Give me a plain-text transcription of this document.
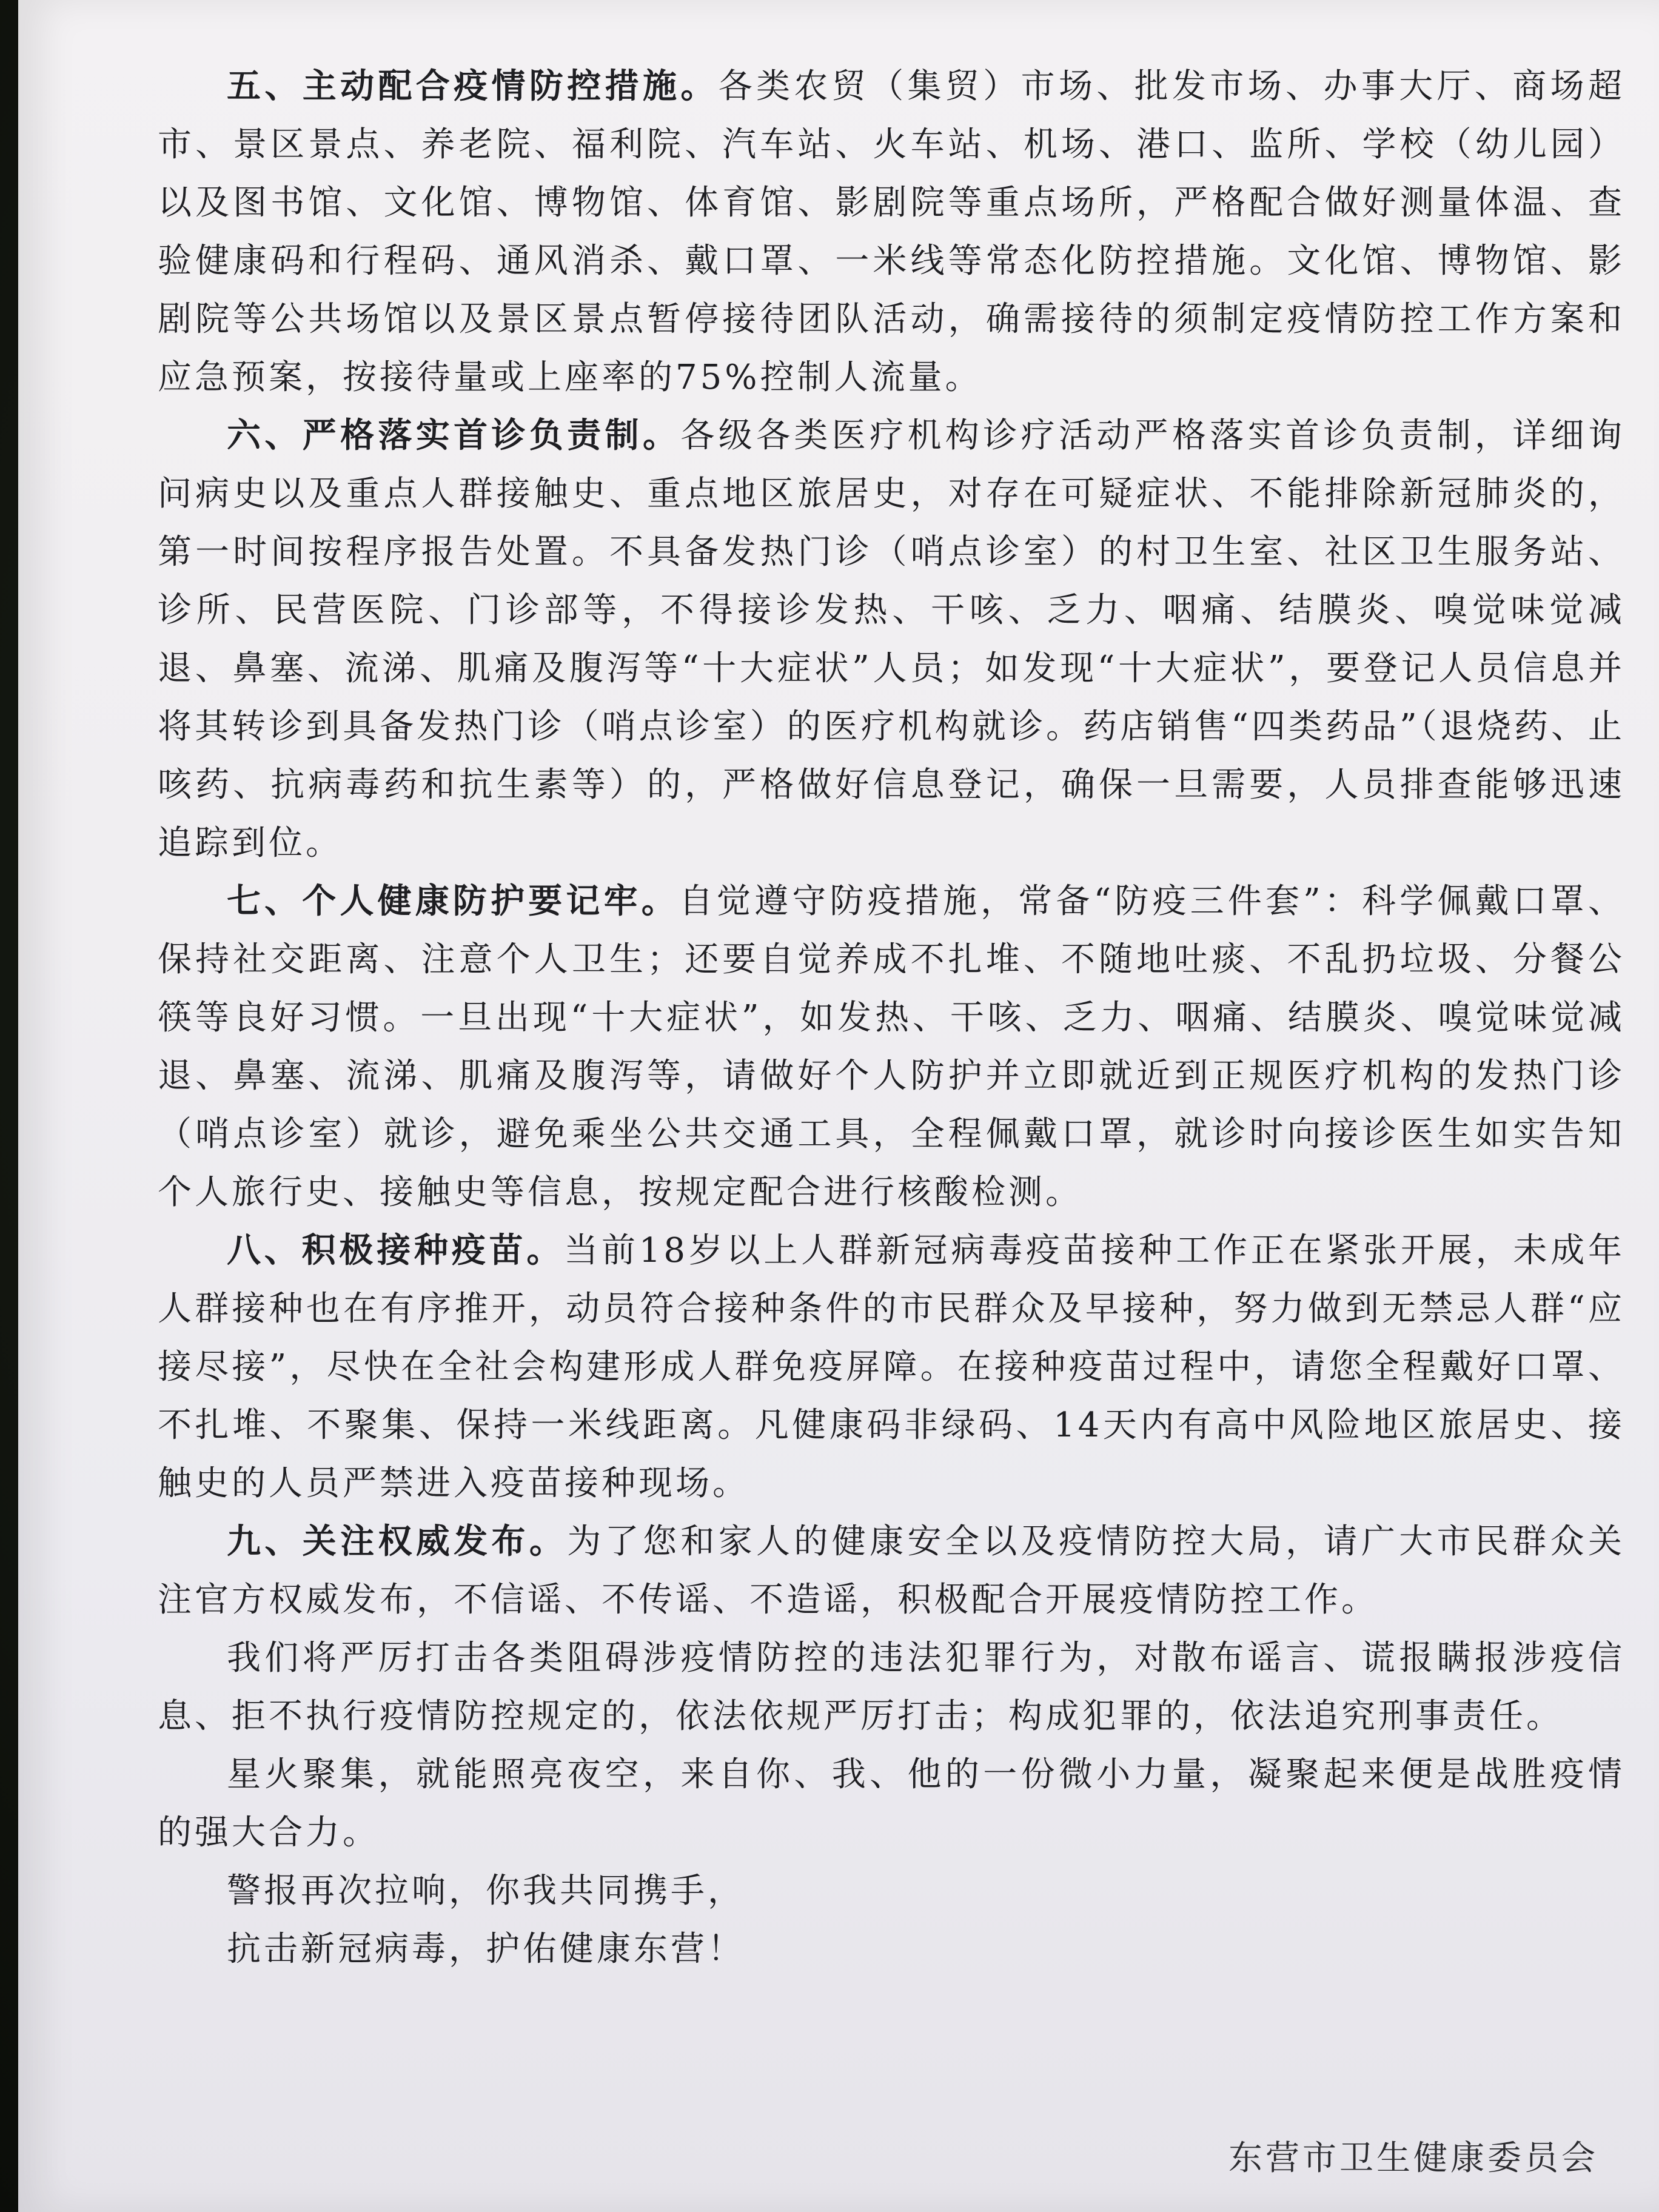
五、主动配合疫情防控措施。各类农贸（集贸）市场、批发市场、办事大厅、商场超市、景区景点、养老院、福利院、汽车站、火车站、机场、港口、监所、学校（幼儿园）以及图书馆、文化馆、博物馆、体育馆、影剧院等重点场所，严格配合做好测量体温、查验健康码和行程码、通风消杀、戴口罩、一米线等常态化防控措施。文化馆、博物馆、影剧院等公共场馆以及景区景点暂停接待团队活动，确需接待的须制定疫情防控工作方案和应急预案，按接待量或上座率的75%控制人流量。

六、严格落实首诊负责制。各级各类医疗机构诊疗活动严格落实首诊负责制，详细询问病史以及重点人群接触史、重点地区旅居史，对存在可疑症状、不能排除新冠肺炎的，第一时间按程序报告处置。不具备发热门诊（哨点诊室）的村卫生室、社区卫生服务站、诊所、民营医院、门诊部等，不得接诊发热、干咳、乏力、咽痛、结膜炎、嗅觉味觉减退、鼻塞、流涕、肌痛及腹泻等“十大症状”人员；如发现“十大症状”，要登记人员信息并将其转诊到具备发热门诊（哨点诊室）的医疗机构就诊。药店销售“四类药品”（退烧药、止咳药、抗病毒药和抗生素等）的，严格做好信息登记，确保一旦需要，人员排查能够迅速追踪到位。

七、个人健康防护要记牢。自觉遵守防疫措施，常备“防疫三件套”：科学佩戴口罩、保持社交距离、注意个人卫生；还要自觉养成不扎堆、不随地吐痰、不乱扔垃圾、分餐公筷等良好习惯。一旦出现“十大症状”，如发热、干咳、乏力、咽痛、结膜炎、嗅觉味觉减退、鼻塞、流涕、肌痛及腹泻等，请做好个人防护并立即就近到正规医疗机构的发热门诊（哨点诊室）就诊，避免乘坐公共交通工具，全程佩戴口罩，就诊时向接诊医生如实告知个人旅行史、接触史等信息，按规定配合进行核酸检测。

八、积极接种疫苗。当前18岁以上人群新冠病毒疫苗接种工作正在紧张开展，未成年人群接种也在有序推开，动员符合接种条件的市民群众及早接种，努力做到无禁忌人群“应接尽接”，尽快在全社会构建形成人群免疫屏障。在接种疫苗过程中，请您全程戴好口罩、不扎堆、不聚集、保持一米线距离。凡健康码非绿码、14天内有高中风险地区旅居史、接触史的人员严禁进入疫苗接种现场。

九、关注权威发布。为了您和家人的健康安全以及疫情防控大局，请广大市民群众关注官方权威发布，不信谣、不传谣、不造谣，积极配合开展疫情防控工作。

我们将严厉打击各类阻碍涉疫情防控的违法犯罪行为，对散布谣言、谎报瞒报涉疫信息、拒不执行疫情防控规定的，依法依规严厉打击；构成犯罪的，依法追究刑事责任。

星火聚集，就能照亮夜空，来自你、我、他的一份微小力量，凝聚起来便是战胜疫情的强大合力。

警报再次拉响，你我共同携手，

抗击新冠病毒，护佑健康东营！

东营市卫生健康委员会
